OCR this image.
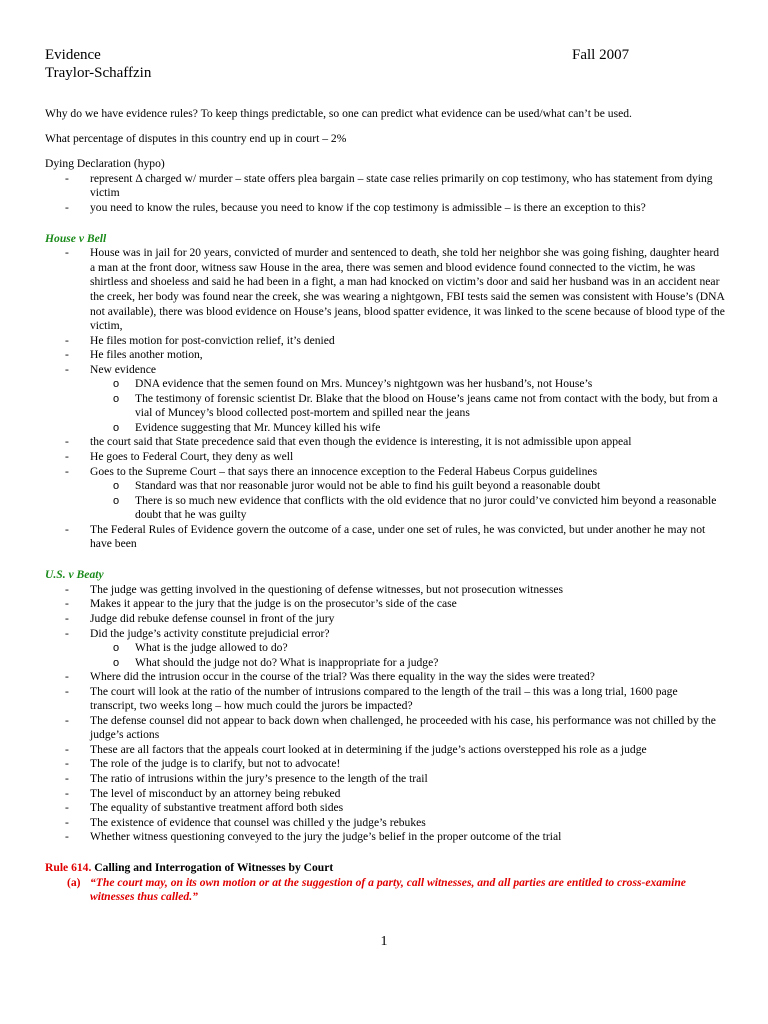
Evidence
Traylor-Schaffzin
Fall 2007

Why do we have evidence rules? To keep things predictable, so one can predict what evidence can be used/what can’t be used.

What percentage of disputes in this country end up in court – 2%

Dying Declaration (hypo)

- represent Δ charged w/ murder – state offers plea bargain – state case relies primarily on cop testimony, who has statement from dying victim
- you need to know the rules, because you need to know if the cop testimony is admissible – is there an exception to this?

House v Bell

- House was in jail for 20 years, convicted of murder and sentenced to death, she told her neighbor she was going fishing, daughter heard a man at the front door, witness saw House in the area, there was semen and blood evidence found connected to the victim, he was shirtless and shoeless and said he had been in a fight, a man had knocked on victim’s door and said her husband was in an accident near the creek, her body was found near the creek, she was wearing a nightgown, FBI tests said the semen was consistent with House’s (DNA not available), there was blood evidence on House’s jeans, blood spatter evidence, it was linked to the scene because of blood type of the victim,
- He files motion for post-conviction relief, it’s denied
- He files another motion,
- New evidence
o DNA evidence that the semen found on Mrs. Muncey’s nightgown was her husband’s, not House’s
o The testimony of forensic scientist Dr. Blake that the blood on House’s jeans came not from contact with the body, but from a vial of Muncey’s blood collected post-mortem and spilled near the jeans
o Evidence suggesting that Mr. Muncey killed his wife
- the court said that State precedence said that even though the evidence is interesting, it is not admissible upon appeal
- He goes to Federal Court, they deny as well
- Goes to the Supreme Court – that says there an innocence exception to the Federal Habeus Corpus guidelines
o Standard was that nor reasonable juror would not be able to find his guilt beyond a reasonable doubt
o There is so much new evidence that conflicts with the old evidence that no juror could’ve convicted him beyond a reasonable doubt that he was guilty
- The Federal Rules of Evidence govern the outcome of a case, under one set of rules, he was convicted, but under another he may not have been

U.S. v Beaty

- The judge was getting involved in the questioning of defense witnesses, but not prosecution witnesses
- Makes it appear to the jury that the judge is on the prosecutor’s side of the case
- Judge did rebuke defense counsel in front of the jury
- Did the judge’s activity constitute prejudicial error?
o What is the judge allowed to do?
o What should the judge not do? What is inappropriate for a judge?
- Where did the intrusion occur in the course of the trial? Was there equality in the way the sides were treated?
- The court will look at the ratio of the number of intrusions compared to the length of the trail – this was a long trial, 1600 page transcript, two weeks long – how much could the jurors be impacted?
- The defense counsel did not appear to back down when challenged, he proceeded with his case, his performance was not chilled by the judge’s actions
- These are all factors that the appeals court looked at in determining if the judge’s actions overstepped his role as a judge
- The role of the judge is to clarify, but not to advocate!
- The ratio of intrusions within the jury’s presence to the length of the trail
- The level of misconduct by an attorney being rebuked
- The equality of substantive treatment afford both sides
- The existence of evidence that counsel was chilled y the judge’s rebukes
- Whether witness questioning conveyed to the jury the judge’s belief in the proper outcome of the trial

Rule 614. Calling and Interrogation of Witnesses by Court

(a) “The court may, on its own motion or at the suggestion of a party, call witnesses, and all parties are entitled to cross-examine witnesses thus called.”
1
